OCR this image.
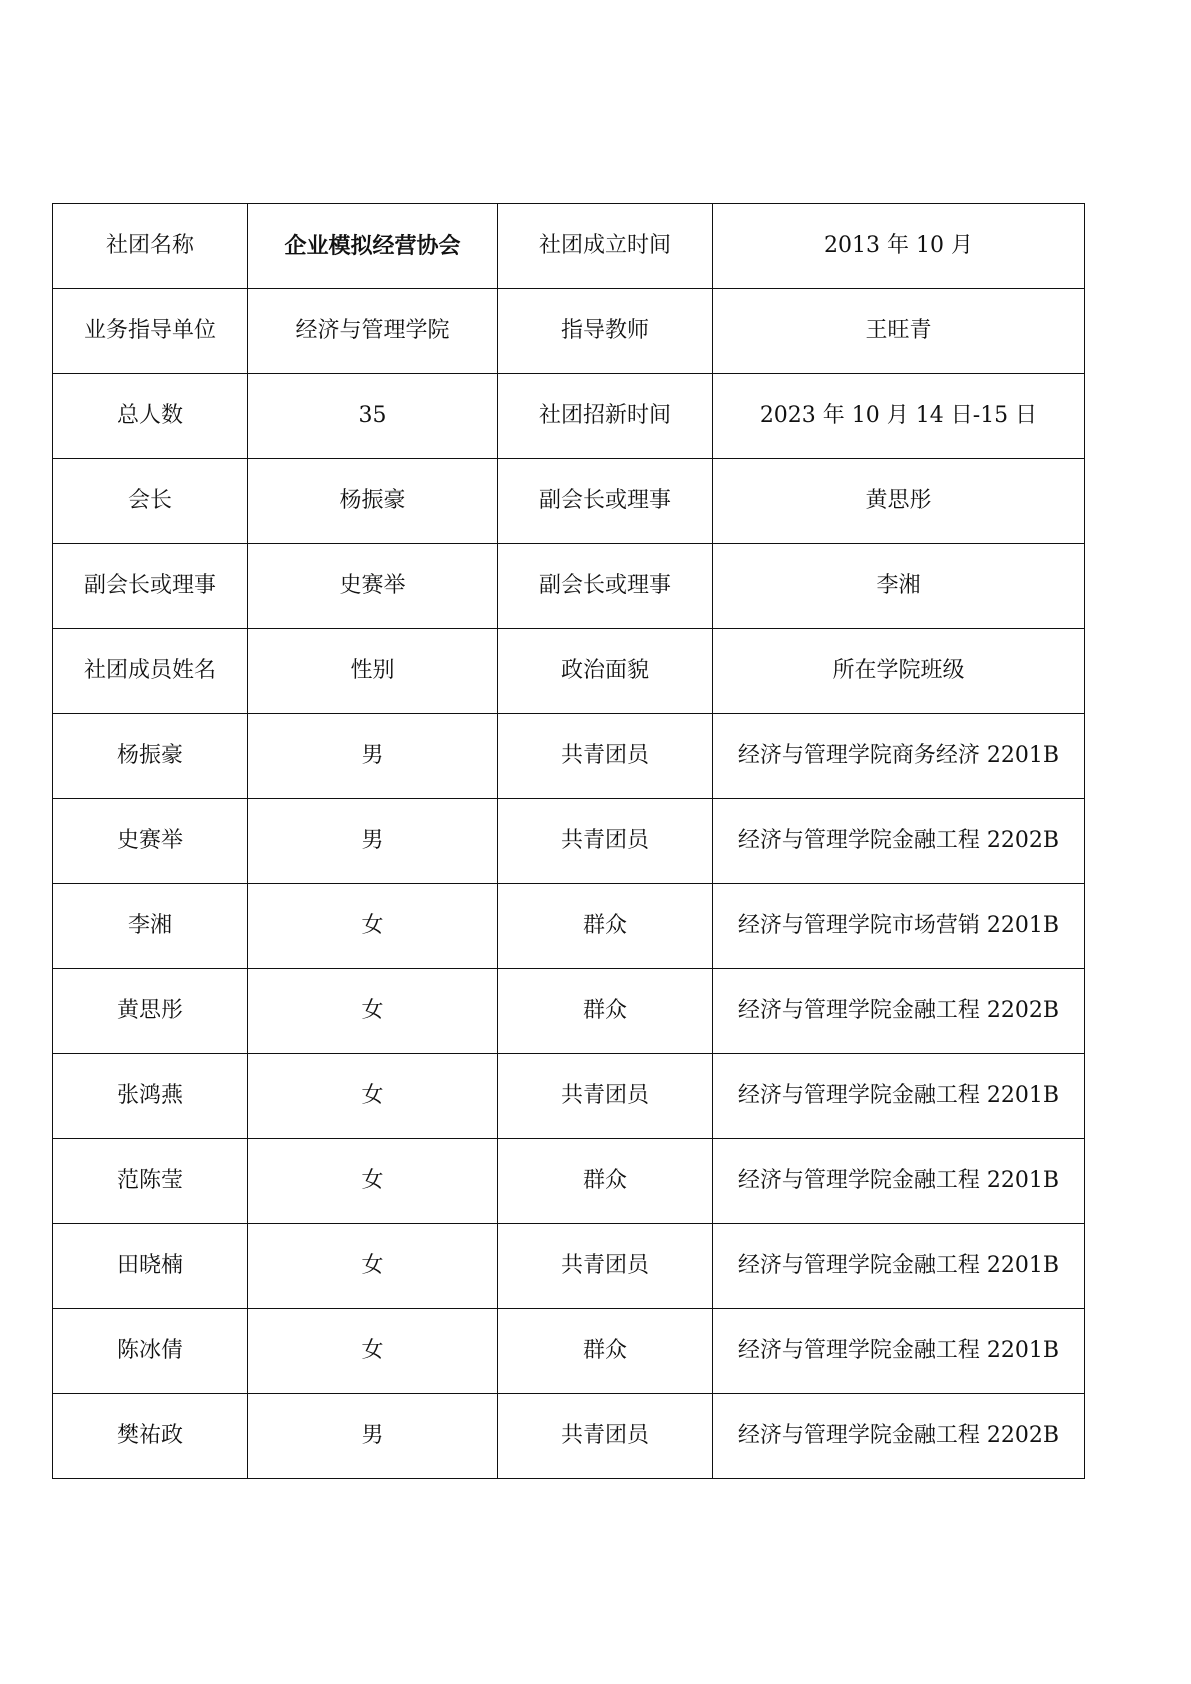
社团名称	企业模拟经营协会	社团成立时间	2013 年 10 月
业务指导单位	经济与管理学院	指导教师	王旺青
总人数	35	社团招新时间	2023 年 10 月 14 日-15 日
会长	杨振豪	副会长或理事	黄思彤
副会长或理事	史赛举	副会长或理事	李湘
社团成员姓名	性别	政治面貌	所在学院班级
杨振豪	男	共青团员	经济与管理学院商务经济 2201B
史赛举	男	共青团员	经济与管理学院金融工程 2202B
李湘	女	群众	经济与管理学院市场营销 2201B
黄思彤	女	群众	经济与管理学院金融工程 2202B
张鸿燕	女	共青团员	经济与管理学院金融工程 2201B
范陈莹	女	群众	经济与管理学院金融工程 2201B
田晓楠	女	共青团员	经济与管理学院金融工程 2201B
陈冰倩	女	群众	经济与管理学院金融工程 2201B
樊祐政	男	共青团员	经济与管理学院金融工程 2202B
